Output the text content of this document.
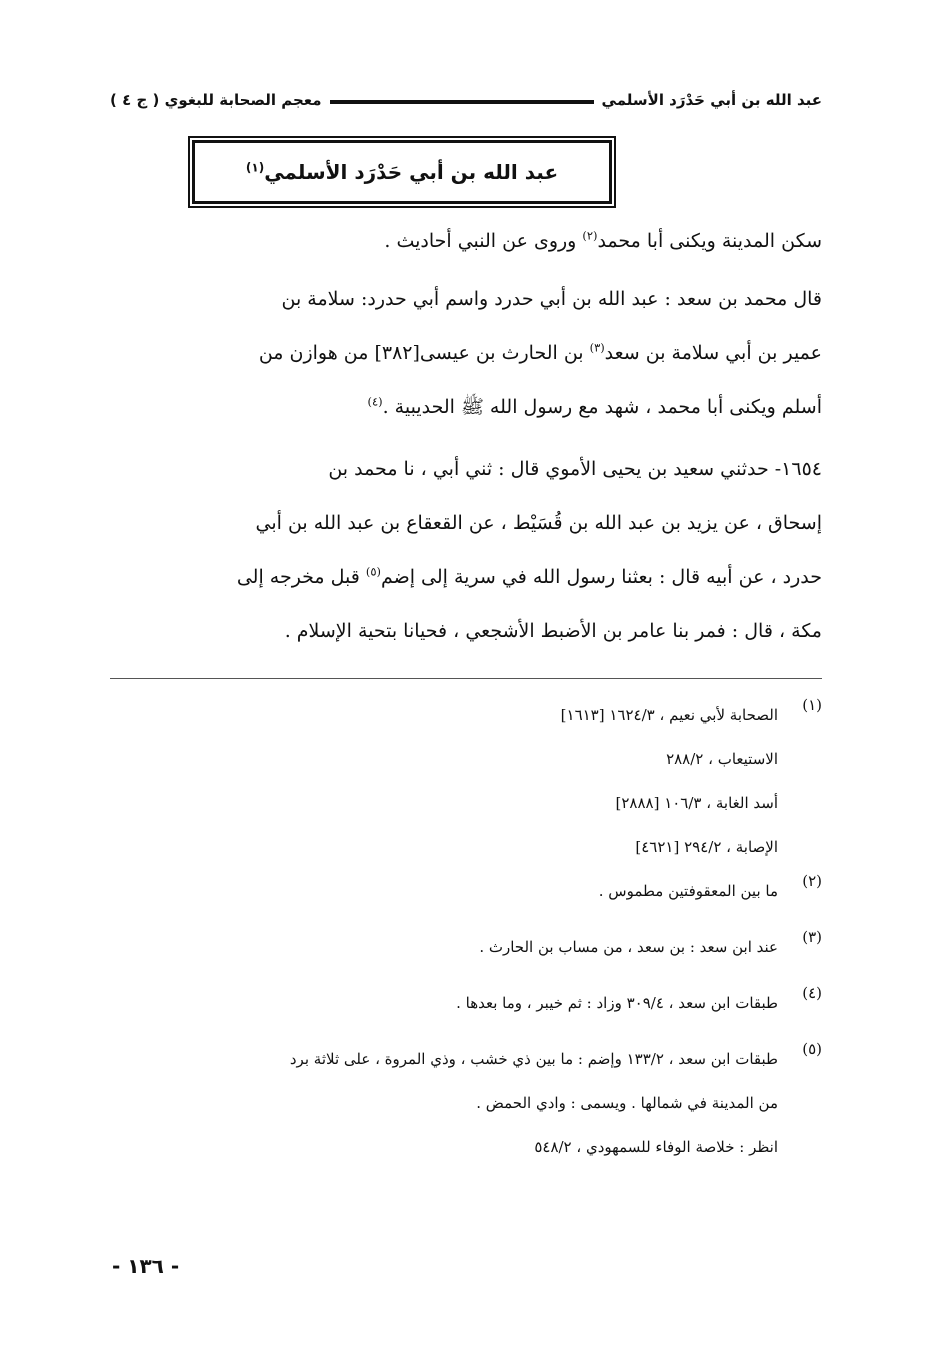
عبد الله بن أبي حَدْرَد الأسلمي
معجم الصحابة للبغوي ( ج ٤ )
عبد الله بن أبي حَدْرَد الأسلمي$^{(١)}$
سكن المدينة ويكنى أبا محمد$^{(٢)}$ وروى عن النبي أحاديث .
قال محمد بن سعد : عبد الله بن أبي حدرد واسم أبي حدرد: سلامة بن
عمير بن أبي سلامة بن سعد$^{(٣)}$ بن الحارث بن عيسى[٣٨٢] من هوازن من
أسلم ويكنى أبا محمد ، شهد مع رسول الله ﷺ الحديبية .$^{(٤)}$
١٦٥٤- حدثني سعيد بن يحيى الأموي قال : ثني أبي ، نا محمد بن
إسحاق ، عن يزيد بن عبد الله بن قُسَيْط ، عن القعقاع بن عبد الله بن أبي
حدرد ، عن أبيه قال : بعثنا رسول الله في سرية إلى إضم$^{(٥)}$ قبل مخرجه إلى
مكة ، قال : فمر بنا عامر بن الأضبط الأشجعي ، فحيانا بتحية الإسلام .
(١)
الصحابة لأبي نعيم ، ١٦٢٤/٣ [١٦١٣]
الاستيعاب ، ٢٨٨/٢
أسد الغابة ، ١٠٦/٣ [٢٨٨٨]
الإصابة ، ٢٩٤/٢ [٤٦٢١]
(٢)
ما بين المعقوفتين مطموس .
(٣)
عند ابن سعد : بن سعد ، من مساب بن الحارث .
(٤)
طبقات ابن سعد ، ٣٠٩/٤ وزاد : ثم خيبر ، وما بعدها .
(٥)
طبقات ابن سعد ، ١٣٣/٢ وإضم : ما بين ذي خشب ، وذي المروة ، على ثلاثة برد
من المدينة في شمالها . ويسمى : وادي الحمض .
انظر : خلاصة الوفاء للسمهودي ، ٥٤٨/٢
- ١٣٦ -
